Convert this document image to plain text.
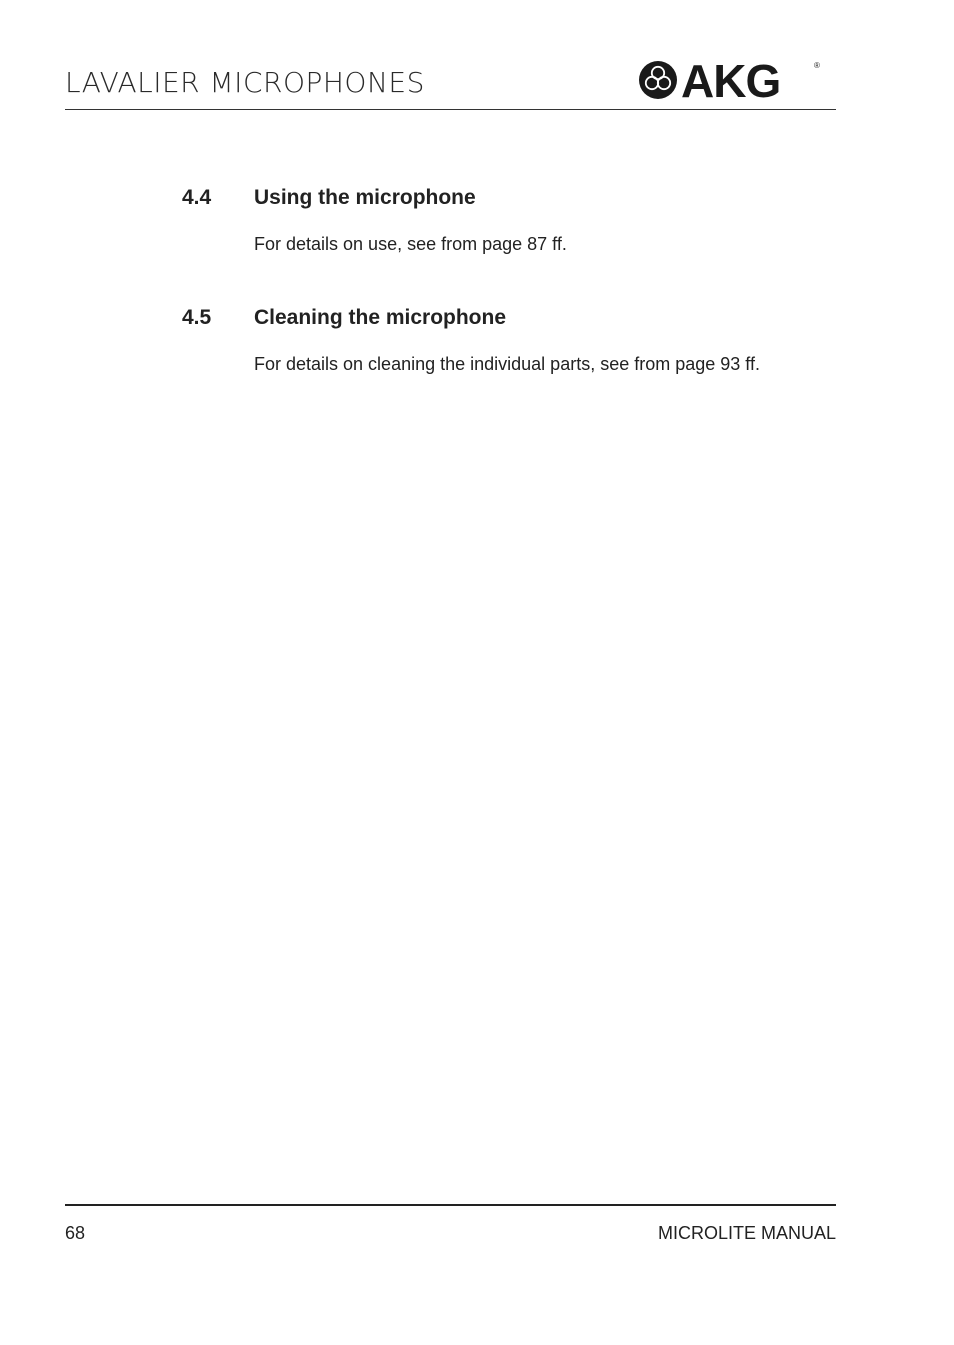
LAVALIER MICROPHONES	AKG	®
4.4 Using the microphone
For details on use, see from page 87 ff.
4.5 Cleaning the microphone
For details on cleaning the individual parts, see from page 93 ff.
68	MICROLITE MANUAL
